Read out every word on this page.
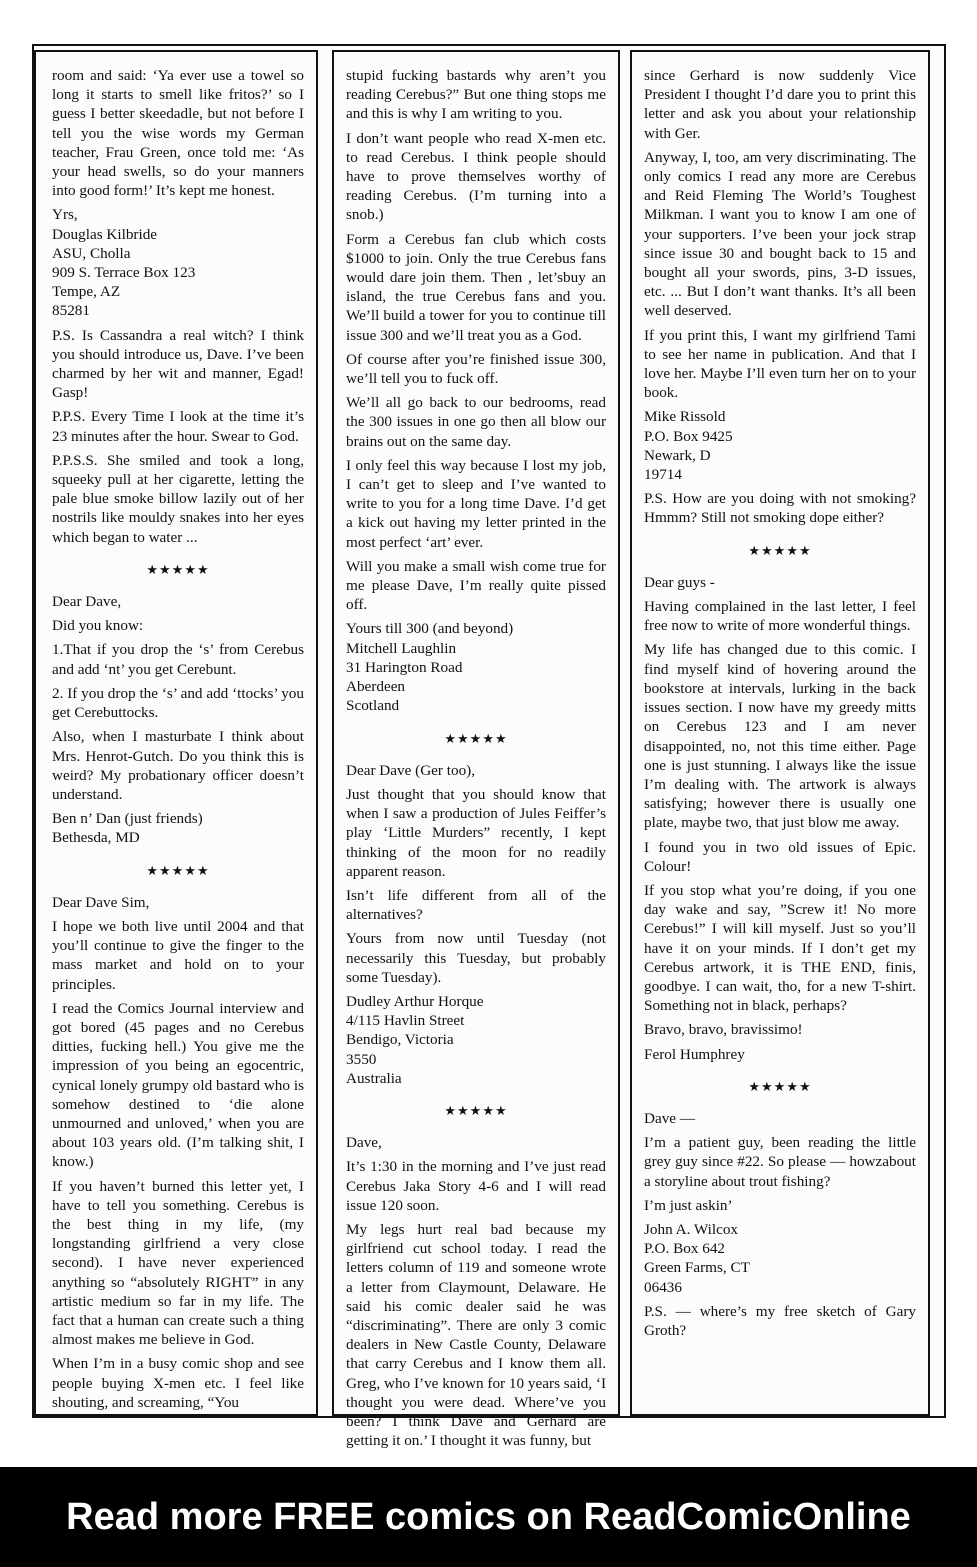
room and said: ‘Ya ever use a towel so long it starts to smell like fritos?’ so I guess I better skeedadle, but not before I tell you the wise words my German teacher, Frau Green, once told me: ‘As your head swells, so do your manners into good form!’ It’s kept me honest.

Yrs,
Douglas Kilbride
ASU, Cholla
909 S. Terrace Box 123
Tempe, AZ
85281

P.S. Is Cassandra a real witch? I think you should introduce us, Dave. I’ve been charmed by her wit and manner, Egad! Gasp!

P.P.S. Every Time I look at the time it’s 23 minutes after the hour. Swear to God.

P.P.S.S. She smiled and took a long, squeeky pull at her cigarette, letting the pale blue smoke billow lazily out of her nostrils like mouldy snakes into her eyes which began to water ...

★★★★★

Dear Dave,

Did you know:

1.That if you drop the ‘s’ from Cerebus and add ‘nt’ you get Cerebunt.

2. If you drop the ‘s’ and add ‘ttocks’ you get Cerebuttocks.

Also, when I masturbate I think about Mrs. Henrot-Gutch. Do you think this is weird? My probationary officer doesn’t understand.

Ben n’ Dan (just friends)
Bethesda, MD
★★★★★

Dear Dave Sim,

I hope we both live until 2004 and that you’ll continue to give the finger to the mass market and hold on to your principles.

I read the Comics Journal interview and got bored (45 pages and no Cerebus ditties, fucking hell.) You give me the impression of you being an egocentric, cynical lonely grumpy old bastard who is somehow destined to ‘die alone unmourned and unloved,’ when you are about 103 years old. (I’m talking shit, I know.)

If you haven’t burned this letter yet, I have to tell you something. Cerebus is the best thing in my life, (my longstanding girlfriend a very close second). I have never experienced anything so “absolutely RIGHT” in any artistic medium so far in my life. The fact that a human can create such a thing almost makes me believe in God.

When I’m in a busy comic shop and see people buying X-men etc. I feel like shouting, and screaming, “You

stupid fucking bastards why aren’t you reading Cerebus?” But one thing stops me and this is why I am writing to you.

I don’t want people who read X-men etc. to read Cerebus. I think people should have to prove themselves worthy of reading Cerebus. (I’m turning into a snob.)

Form a Cerebus fan club which costs $1000 to join. Only the true Cerebus fans would dare join them. Then , let’sbuy an island, the true Cerebus fans and you. We’ll build a tower for you to continue till issue 300 and we’ll treat you as a God.

Of course after you’re finished issue 300, we’ll tell you to fuck off.

We’ll all go back to our bedrooms, read the 300 issues in one go then all blow our brains out on the same day.

I only feel this way because I lost my job, I can’t get to sleep and I’ve wanted to write to you for a long time Dave. I’d get a kick out having my letter printed in the most perfect ‘art’ ever.

Will you make a small wish come true for me please Dave, I’m really quite pissed off.

Yours till 300 (and beyond)
Mitchell Laughlin
31 Harington Road
Aberdeen
Scotland
★★★★★

Dear Dave (Ger too),

Just thought that you should know that when I saw a production of Jules Feiffer’s play ‘Little Murders” recently, I kept thinking of the moon for no readily apparent reason.

Isn’t life different from all of the alternatives?

Yours from now until Tuesday (not necessarily this Tuesday, but probably some Tuesday).

Dudley Arthur Horque
4/115 Havlin Street
Bendigo, Victoria
3550
Australia
★★★★★

Dave,

It’s 1:30 in the morning and I’ve just read Cerebus Jaka Story 4-6 and I will read issue 120 soon.

My legs hurt real bad because my girlfriend cut school today. I read the letters column of 119 and someone wrote a letter from Claymount, Delaware. He said his comic dealer said he was “discriminating”. There are only 3 comic dealers in New Castle County, Delaware that carry Cerebus and I know them all. Greg, who I’ve known for 10 years said, ‘I thought you were dead. Where’ve you been? I think Dave and Gerhard are getting it on.’ I thought it was funny, but

since Gerhard is now suddenly Vice President I thought I’d dare you to print this letter and ask you about your relationship with Ger.

Anyway, I, too, am very discriminating. The only comics I read any more are Cerebus and Reid Fleming The World’s Toughest Milkman. I want you to know I am one of your supporters. I’ve been your jock strap since issue 30 and bought back to 15 and bought all your swords, pins, 3-D issues, etc. ... But I don’t want thanks. It’s all been well deserved.

If you print this, I want my girlfriend Tami to see her name in publication. And that I love her. Maybe I’ll even turn her on to your book.

Mike Rissold
P.O. Box 9425
Newark, D
19714

P.S. How are you doing with not smoking? Hmmm? Still not smoking dope either?

★★★★★

Dear guys -

Having complained in the last letter, I feel free now to write of more wonderful things.

My life has changed due to this comic. I find myself kind of hovering around the bookstore at intervals, lurking in the back issues section. I now have my greedy mitts on Cerebus 123 and I am never disappointed, no, not this time either. Page one is just stunning. I always like the issue I’m dealing with. The artwork is always satisfying; however there is usually one plate, maybe two, that just blow me away.

I found you in two old issues of Epic. Colour!

If you stop what you’re doing, if you one day wake and say, ”Screw it! No more Cerebus!” I will kill myself. Just so you’ll have it on your minds. If I don’t get my Cerebus artwork, it is THE END, finis, goodbye. I can wait, tho, for a new T-shirt. Something not in black, perhaps?

Bravo, bravo, bravissimo!

Ferol Humphrey
★★★★★

Dave —

I’m a patient guy, been reading the little grey guy since #22. So please — howzabout a storyline about trout fishing?

I’m just askin’

John A. Wilcox
P.O. Box 642
Green Farms, CT
06436

P.S. — where’s my free sketch of Gary Groth?

Read more FREE comics on ReadComicOnline
